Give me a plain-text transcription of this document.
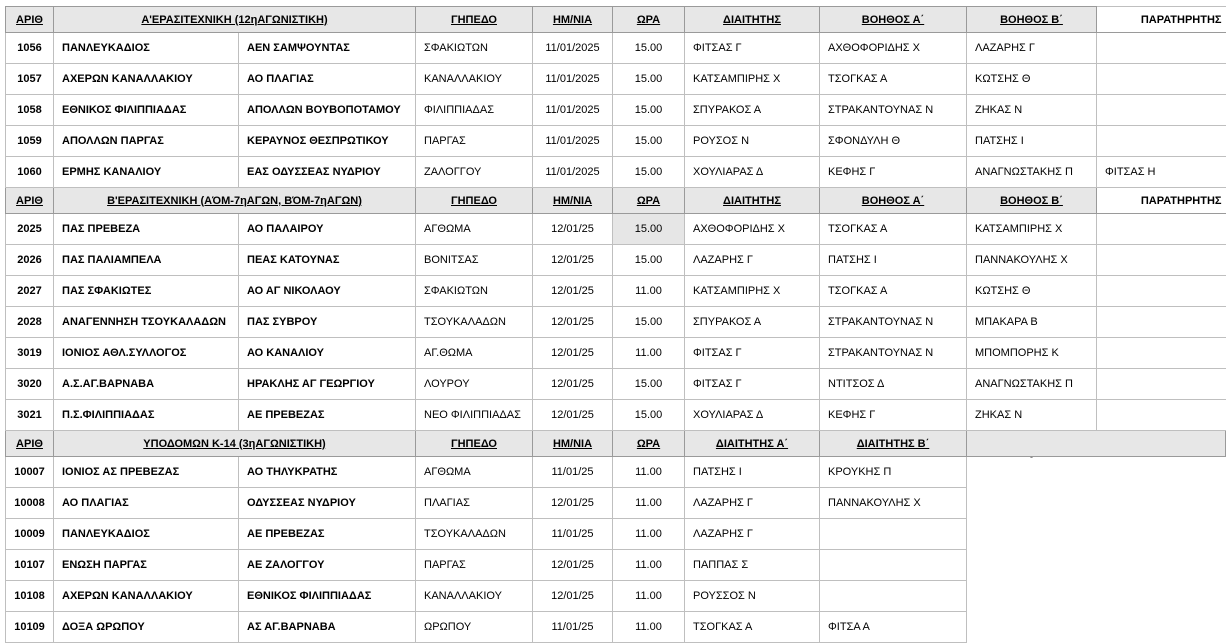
ΑΡΙΘ	Α'ΕΡΑΣΙΤΕΧΝΙΚΗ (12ηΑΓΩΝΙΣΤΙΚΗ)		ΓΗΠΕΔΟ	ΗΜ/ΝΙΑ	ΩΡΑ	ΔΙΑΙΤΗΤΗΣ	ΒΟΗΘΟΣ Α΄	ΒΟΗΘΟΣ Β΄	ΠΑΡΑΤΗΡΗΤΗΣ
1056	ΠΑΝΛΕΥΚΑΔΙΟΣ	ΑΕΝ ΣΑΜΨΟΥΝΤΑΣ	ΣΦΑΚΙΩΤΩΝ	11/01/2025	15.00	ΦΙΤΣΑΣ Γ	ΑΧΘΟΦΟΡΙΔΗΣ Χ	ΛΑΖΑΡΗΣ Γ	
1057	ΑΧΕΡΩΝ ΚΑΝΑΛΛΑΚΙΟΥ	ΑΟ ΠΛΑΓΙΑΣ	ΚΑΝΑΛΛΑΚΙΟΥ	11/01/2025	15.00	ΚΑΤΣΑΜΠΙΡΗΣ Χ	ΤΣΟΓΚΑΣ Α	ΚΩΤΣΗΣ Θ	
1058	ΕΘΝΙΚΟΣ ΦΙΛΙΠΠΙΑΔΑΣ	ΑΠΟΛΛΩΝ ΒΟΥΒΟΠΟΤΑΜΟΥ	ΦΙΛΙΠΠΙΑΔΑΣ	11/01/2025	15.00	ΣΠΥΡΑΚΟΣ Α	ΣΤΡΑΚΑΝΤΟΥΝΑΣ Ν	ΖΗΚΑΣ Ν	
1059	ΑΠΟΛΛΩΝ ΠΑΡΓΑΣ	ΚΕΡΑΥΝΟΣ ΘΕΣΠΡΩΤΙΚΟΥ	ΠΑΡΓΑΣ	11/01/2025	15.00	ΡΟΥΣΟΣ Ν	ΣΦΟΝΔΥΛΗ Θ	ΠΑΤΣΗΣ Ι	
1060	ΕΡΜΗΣ ΚΑΝΑΛΙΟΥ	ΕΑΣ ΟΔΥΣΣΕΑΣ ΝΥΔΡΙΟΥ	ΖΑΛΟΓΓΟΥ	11/01/2025	15.00	ΧΟΥΛΙΑΡΑΣ Δ	ΚΕΦΗΣ Γ	ΑΝΑΓΝΩΣΤΑΚΗΣ Π	ΦΙΤΣΑΣ Η
ΑΡΙΘ	Β'ΕΡΑΣΙΤΕΧΝΙΚΗ (ΑΌΜ-7ηΑΓΩΝ, ΒΌΜ-7ηΑΓΩΝ)		ΓΗΠΕΔΟ	ΗΜ/ΝΙΑ	ΩΡΑ	ΔΙΑΙΤΗΤΗΣ	ΒΟΗΘΟΣ Α΄	ΒΟΗΘΟΣ Β΄	ΠΑΡΑΤΗΡΗΤΗΣ
2025	ΠΑΣ ΠΡΕΒΕΖΑ	ΑΟ ΠΑΛΑΙΡΟΥ	ΑΓΘΩΜΑ	12/01/25	15.00	ΑΧΘΟΦΟΡΙΔΗΣ Χ	ΤΣΟΓΚΑΣ Α	ΚΑΤΣΑΜΠΙΡΗΣ Χ	
2026	ΠΑΣ ΠΑΛΙΑΜΠΕΛΑ	ΠΕΑΣ ΚΑΤΟΥΝΑΣ	ΒΟΝΙΤΣΑΣ	12/01/25	15.00	ΛΑΖΑΡΗΣ Γ	ΠΑΤΣΗΣ Ι	ΠΑΝΝΑΚΟΥΛΗΣ Χ	
2027	ΠΑΣ ΣΦΑΚΙΩΤΕΣ	ΑΟ ΑΓ ΝΙΚΟΛΑΟΥ	ΣΦΑΚΙΩΤΩΝ	12/01/25	11.00	ΚΑΤΣΑΜΠΙΡΗΣ Χ	ΤΣΟΓΚΑΣ Α	ΚΩΤΣΗΣ Θ	
2028	ΑΝΑΓΕΝΝΗΣΗ ΤΣΟΥΚΑΛΑΔΩΝ	ΠΑΣ ΣΥΒΡΟΥ	ΤΣΟΥΚΑΛΑΔΩΝ	12/01/25	15.00	ΣΠΥΡΑΚΟΣ Α	ΣΤΡΑΚΑΝΤΟΥΝΑΣ Ν	ΜΠΑΚΑΡΑ Β	
3019	ΙΟΝΙΟΣ ΑΘΛ.ΣΥΛΛΟΓΟΣ	ΑΟ ΚΑΝΑΛΙΟΥ	ΑΓ.ΘΩΜΑ	12/01/25	11.00	ΦΙΤΣΑΣ Γ	ΣΤΡΑΚΑΝΤΟΥΝΑΣ Ν	ΜΠΟΜΠΟΡΗΣ Κ	
3020	Α.Σ.ΑΓ.ΒΑΡΝΑΒΑ	ΗΡΑΚΛΗΣ ΑΓ ΓΕΩΡΓΙΟΥ	ΛΟΥΡΟΥ	12/01/25	15.00	ΦΙΤΣΑΣ Γ	ΝΤΙΤΣΟΣ Δ	ΑΝΑΓΝΩΣΤΑΚΗΣ Π	
3021	Π.Σ.ΦΙΛΙΠΠΙΑΔΑΣ	ΑΕ ΠΡΕΒΕΖΑΣ	ΝΕΟ ΦΙΛΙΠΠΙΑΔΑΣ	12/01/25	15.00	ΧΟΥΛΙΑΡΑΣ Δ	ΚΕΦΗΣ Γ	ΖΗΚΑΣ Ν	
ΑΡΙΘ	ΥΠΟΔΟΜΩΝ Κ-14 (3ηΑΓΩΝΙΣΤΙΚΗ)		ΓΗΠΕΔΟ	ΗΜ/ΝΙΑ	ΩΡΑ	ΔΙΑΙΤΗΤΗΣ Α΄	ΔΙΑΙΤΗΤΗΣ Β΄		
10007	ΙΟΝΙΟΣ ΑΣ ΠΡΕΒΕΖΑΣ	ΑΟ ΤΗΛΥΚΡΑΤΗΣ	ΑΓΘΩΜΑ	11/01/25	11.00	ΠΑΤΣΗΣ Ι	ΚΡΟΥΚΗΣ Π		
10008	ΑΟ ΠΛΑΓΙΑΣ	ΟΔΥΣΣΕΑΣ ΝΥΔΡΙΟΥ	ΠΛΑΓΙΑΣ	12/01/25	11.00	ΛΑΖΑΡΗΣ Γ	ΠΑΝΝΑΚΟΥΛΗΣ Χ		
10009	ΠΑΝΛΕΥΚΑΔΙΟΣ	ΑΕ ΠΡΕΒΕΖΑΣ	ΤΣΟΥΚΑΛΑΔΩΝ	11/01/25	11.00	ΛΑΖΑΡΗΣ Γ			
10107	ΕΝΩΣΗ ΠΑΡΓΑΣ	ΑΕ ΖΑΛΟΓΓΟΥ	ΠΑΡΓΑΣ	12/01/25	11.00	ΠΑΠΠΑΣ Σ			
10108	ΑΧΕΡΩΝ ΚΑΝΑΛΛΑΚΙΟΥ	ΕΘΝΙΚΟΣ ΦΙΛΙΠΠΙΑΔΑΣ	ΚΑΝΑΛΛΑΚΙΟΥ	12/01/25	11.00	ΡΟΥΣΣΟΣ Ν			
10109	ΔΟΞΑ ΩΡΩΠΟΥ	ΑΣ ΑΓ.ΒΑΡΝΑΒΑ	ΩΡΩΠΟΥ	11/01/25	11.00	ΤΣΟΓΚΑΣ Α	ΦΙΤΣΑ Α		
-
